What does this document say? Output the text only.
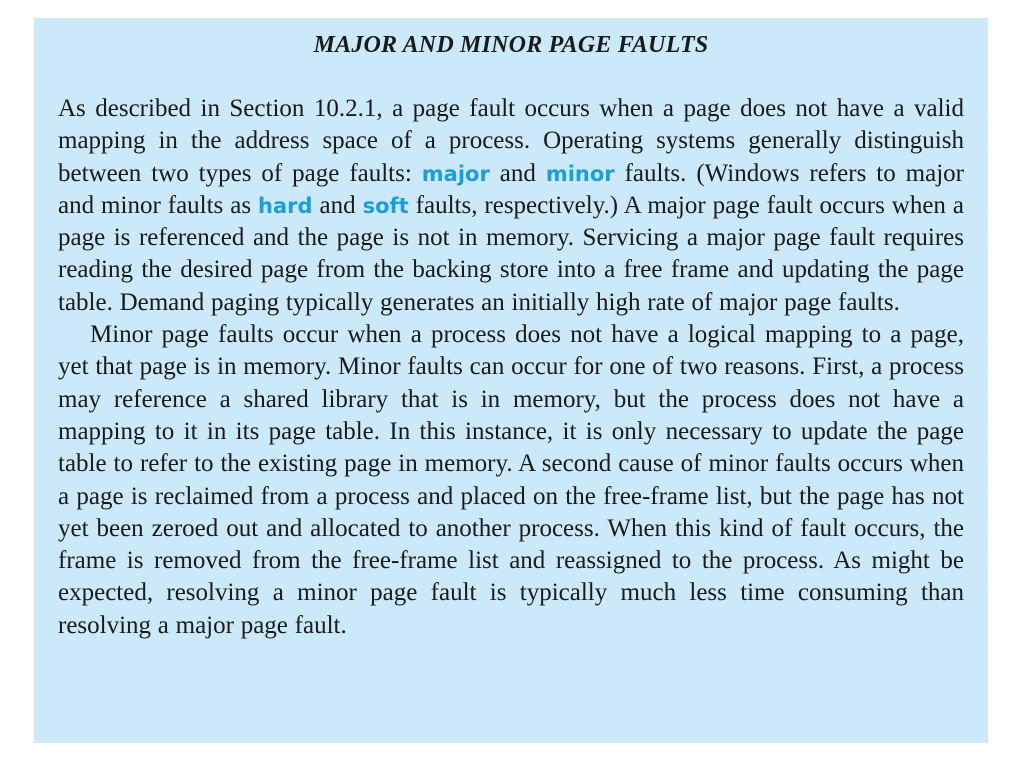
MAJOR AND MINOR PAGE FAULTS

As described in Section 10.2.1, a page fault occurs when a page does not have a valid mapping in the address space of a process. Operating systems generally distinguish between two types of page faults: major and minor faults. (Windows refers to major and minor faults as hard and soft faults, respectively.) A major page fault occurs when a page is referenced and the page is not in memory. Servicing a major page fault requires reading the desired page from the backing store into a free frame and updating the page table. Demand paging typically generates an initially high rate of major page faults.

Minor page faults occur when a process does not have a logical mapping to a page, yet that page is in memory. Minor faults can occur for one of two reasons. First, a process may reference a shared library that is in memory, but the process does not have a mapping to it in its page table. In this instance, it is only necessary to update the page table to refer to the existing page in memory. A second cause of minor faults occurs when a page is reclaimed from a process and placed on the free-frame list, but the page has not yet been zeroed out and allocated to another process. When this kind of fault occurs, the frame is removed from the free-frame list and reassigned to the process. As might be expected, resolving a minor page fault is typically much less time consuming than resolving a major page fault.
